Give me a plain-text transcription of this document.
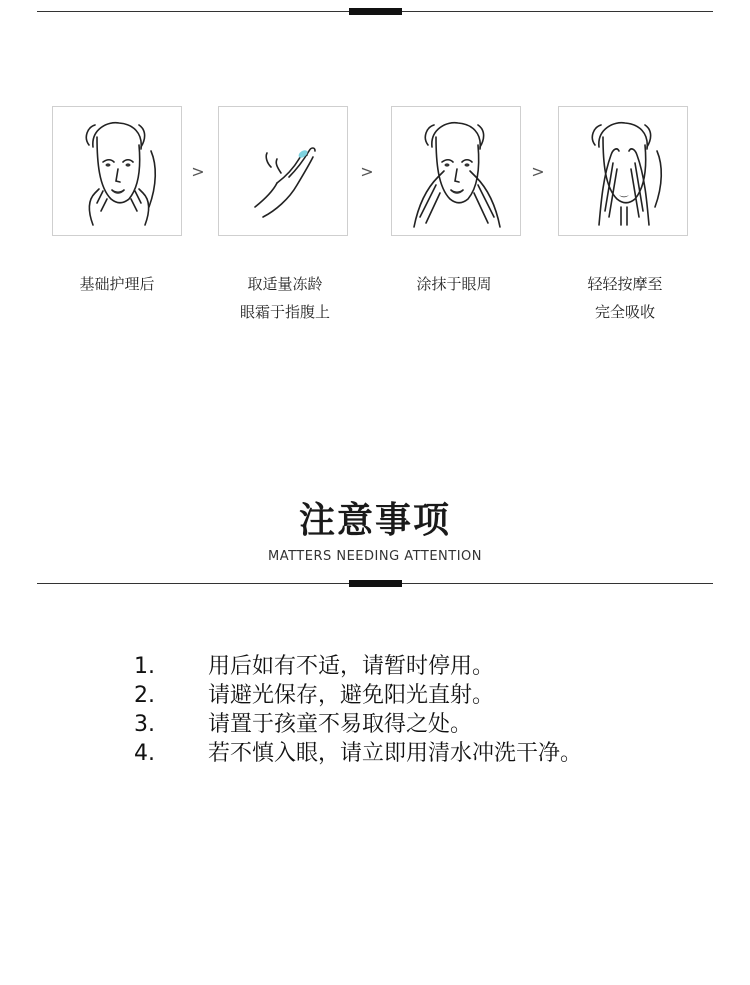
>	>	>
基础护理后	取适量冻龄
眼霜于指腹上
涂抹于眼周	轻轻按摩至
完全吸收
注意事项
MATTERS NEEDING ATTENTION
1. 用后如有不适，请暂时停用。
2. 请避光保存，避免阳光直射。
3. 请置于孩童不易取得之处。
4. 若不慎入眼，请立即用清水冲洗干净。
